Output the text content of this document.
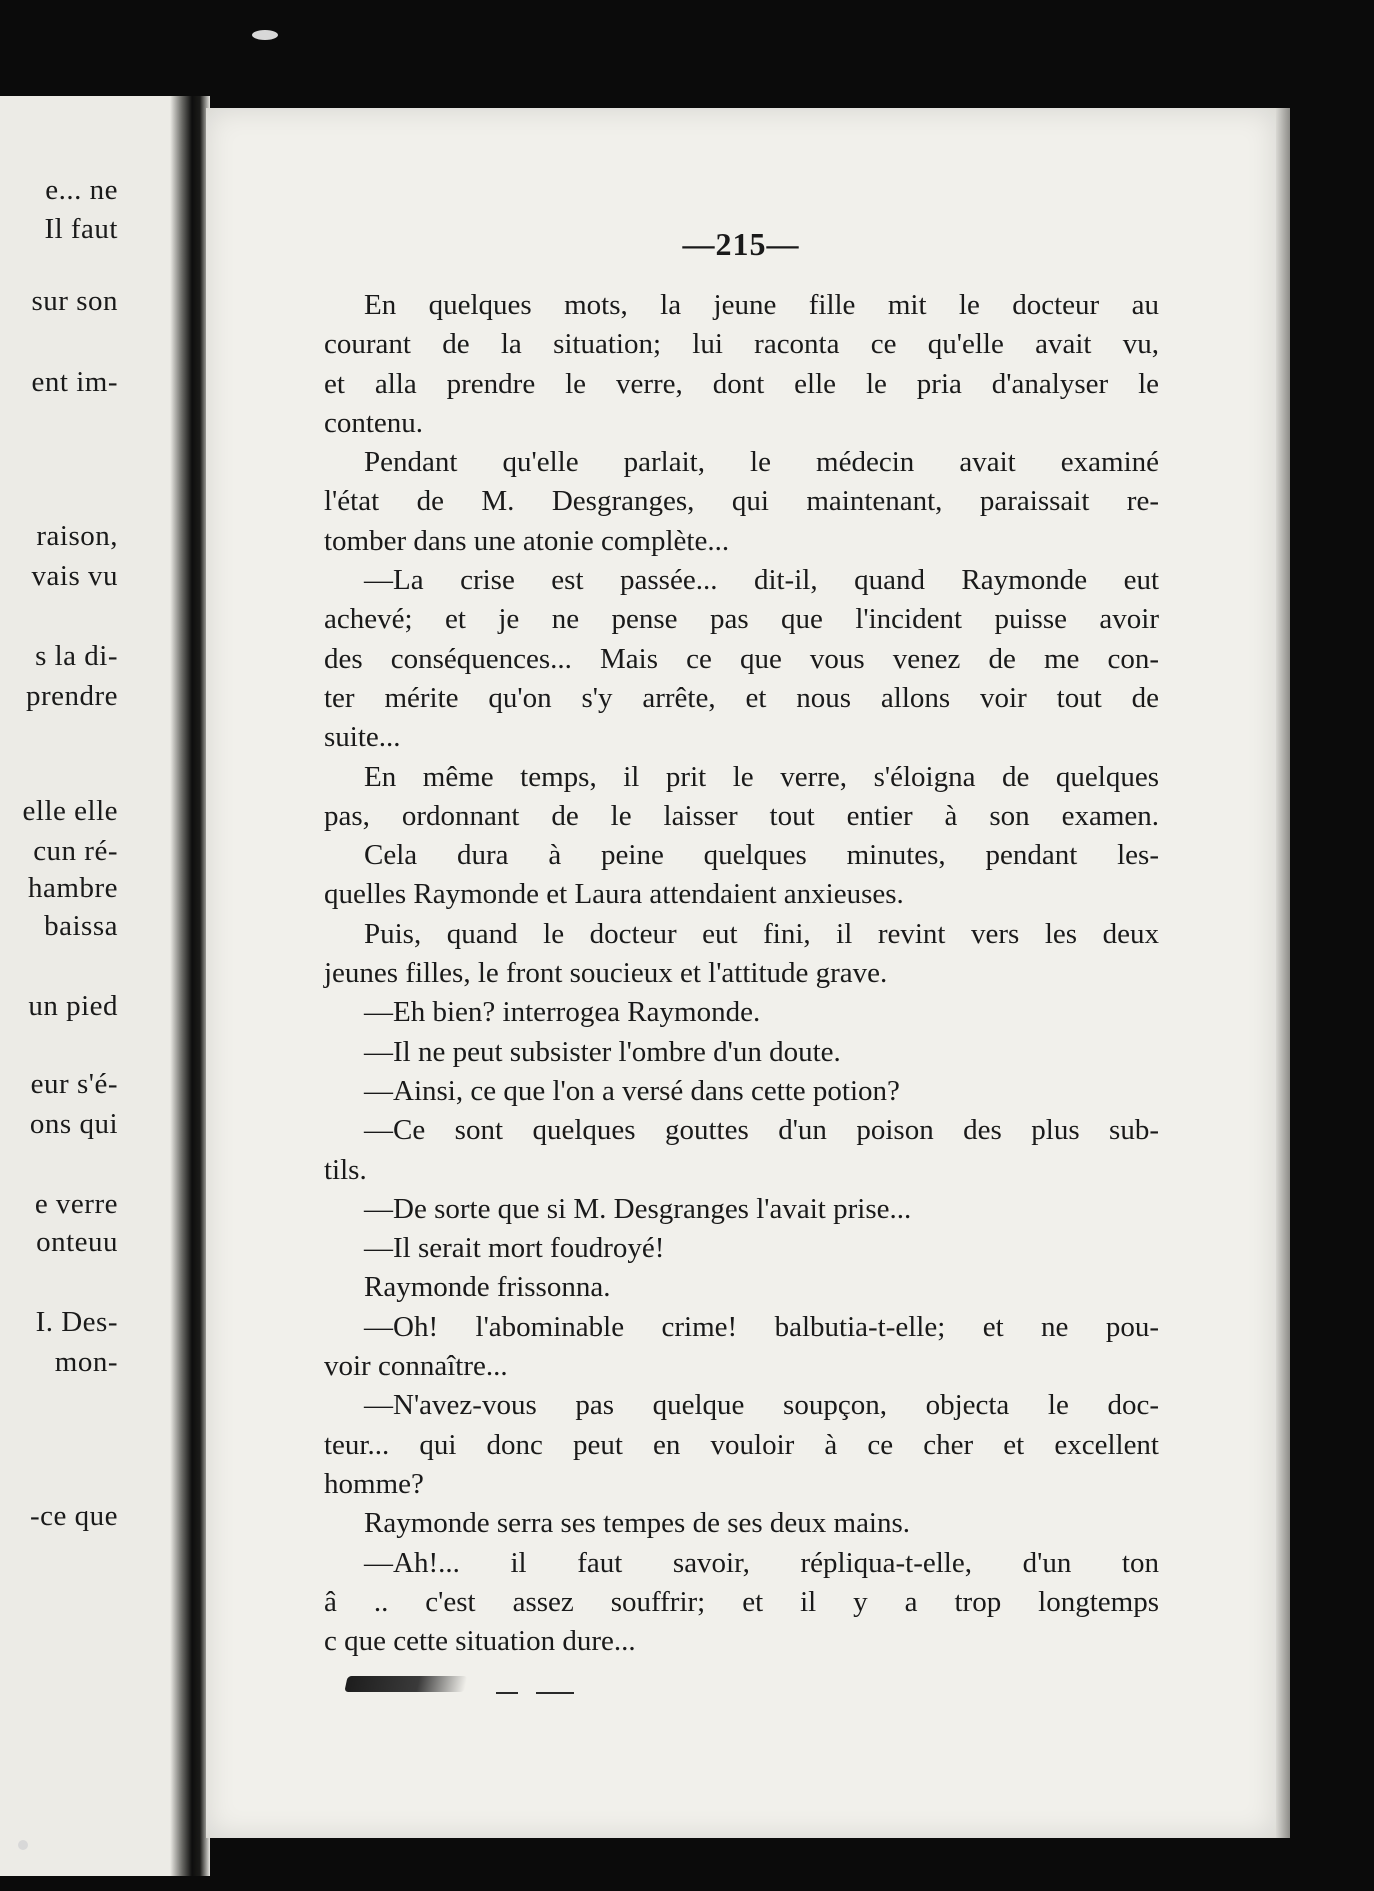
e... ne
Il faut
sur son
ent im-
raison,
vais vu
s la di-
prendre
elle elle
cun ré-
hambre
baissa
un pied
eur s'é-
ons qui
e verre
onteuu
I. Des-
mon-
-ce que
—215—
En quelques mots, la jeune fille mit le docteur au
courant de la situation; lui raconta ce qu'elle avait vu,
et alla prendre le verre, dont elle le pria d'analyser le
contenu.
Pendant qu'elle parlait, le médecin avait examiné
l'état de M. Desgranges, qui maintenant, paraissait re-
tomber dans une atonie complète...
—La crise est passée... dit-il, quand Raymonde eut
achevé; et je ne pense pas que l'incident puisse avoir
des conséquences... Mais ce que vous venez de me con-
ter mérite qu'on s'y arrête, et nous allons voir tout de
suite...
En même temps, il prit le verre, s'éloigna de quelques
pas, ordonnant de le laisser tout entier à son examen.
Cela dura à peine quelques minutes, pendant les-
quelles Raymonde et Laura attendaient anxieuses.
Puis, quand le docteur eut fini, il revint vers les deux
jeunes filles, le front soucieux et l'attitude grave.
—Eh bien? interrogea Raymonde.
—Il ne peut subsister l'ombre d'un doute.
—Ainsi, ce que l'on a versé dans cette potion?
—Ce sont quelques gouttes d'un poison des plus sub-
tils.
—De sorte que si M. Desgranges l'avait prise...
—Il serait mort foudroyé!
Raymonde frissonna.
—Oh! l'abominable crime! balbutia-t-elle; et ne pou-
voir connaître...
—N'avez-vous pas quelque soupçon, objecta le doc-
teur... qui donc peut en vouloir à ce cher et excellent
homme?
Raymonde serra ses tempes de ses deux mains.
—Ah!... il faut savoir, répliqua-t-elle, d'un ton
â .. c'est assez souffrir; et il y a trop longtemps
c que cette situation dure...
